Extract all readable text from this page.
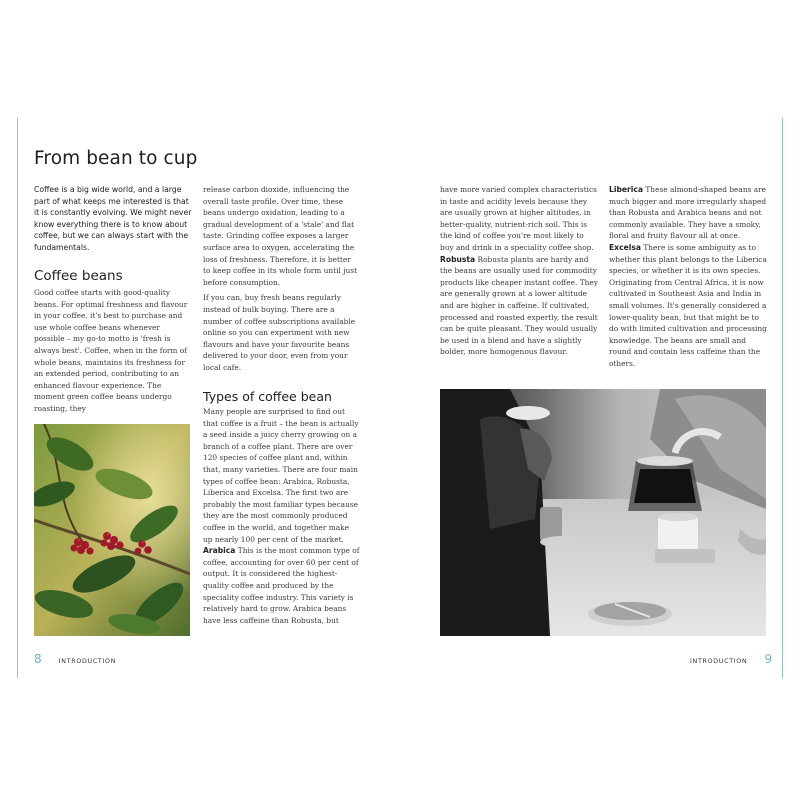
From bean to cup

Coffee is a big wide world, and a large part of what keeps me interested is that it is constantly evolving. We might never know everything there is to know about coffee, but we can always start with the fundamentals.

Coffee beans

Good coffee starts with good-quality beans. For optimal freshness and flavour in your coffee, it's best to purchase and use whole coffee beans whenever possible – my go-to motto is 'fresh is always best'. Coffee, when in the form of whole beans, maintains its freshness for an extended period, contributing to an enhanced flavour experience. The moment green coffee beans undergo roasting, they

release carbon dioxide, influencing the overall taste profile. Over time, these beans undergo oxidation, leading to a gradual development of a 'stale' and flat taste. Grinding coffee exposes a larger surface area to oxygen, accelerating the loss of freshness. Therefore, it is better to keep coffee in its whole form until just before consumption.

If you can, buy fresh beans regularly instead of bulk buying. There are a number of coffee subscriptions available online so you can experiment with new flavours and have your favourite beans delivered to your door, even from your local cafe.

Types of coffee bean

Many people are surprised to find out that coffee is a fruit – the bean is actually a seed inside a juicy cherry growing on a branch of a coffee plant. There are over 120 species of coffee plant and, within that, many varieties. There are four main types of coffee bean: Arabica, Robusta, Liberica and Excelsa. The first two are probably the most familiar types because they are the most commonly produced coffee in the world, and together make up nearly 100 per cent of the market.

Arabica This is the most common type of coffee, accounting for over 60 per cent of output. It is considered the highest-quality coffee and produced by the speciality coffee industry. This variety is relatively hard to grow. Arabica beans have less caffeine than Robusta, but

8	INTRODUCTION

have more varied complex characteristics in taste and acidity levels because they are usually grown at higher altitudes, in better-quality, nutrient-rich soil. This is the kind of coffee you're most likely to buy and drink in a speciality coffee shop.

Robusta Robusta plants are hardy and the beans are usually used for commodity products like cheaper instant coffee. They are generally grown at a lower altitude and are higher in caffeine. If cultivated, processed and roasted expertly, the result can be quite pleasant. They would usually be used in a blend and have a slightly bolder, more homogenous flavour.

Liberica These almond-shaped beans are much bigger and more irregularly shaped than Robusta and Arabica beans and not commonly available. They have a smoky, floral and fruity flavour all at once.

Excelsa There is some ambiguity as to whether this plant belongs to the Liberica species, or whether it is its own species. Originating from Central Africa, it is now cultivated in Southeast Asia and India in small volumes. It's generally considered a lower-quality bean, but that might be to do with limited cultivation and processing knowledge. The beans are small and round and contain less caffeine than the others.

INTRODUCTION 9
